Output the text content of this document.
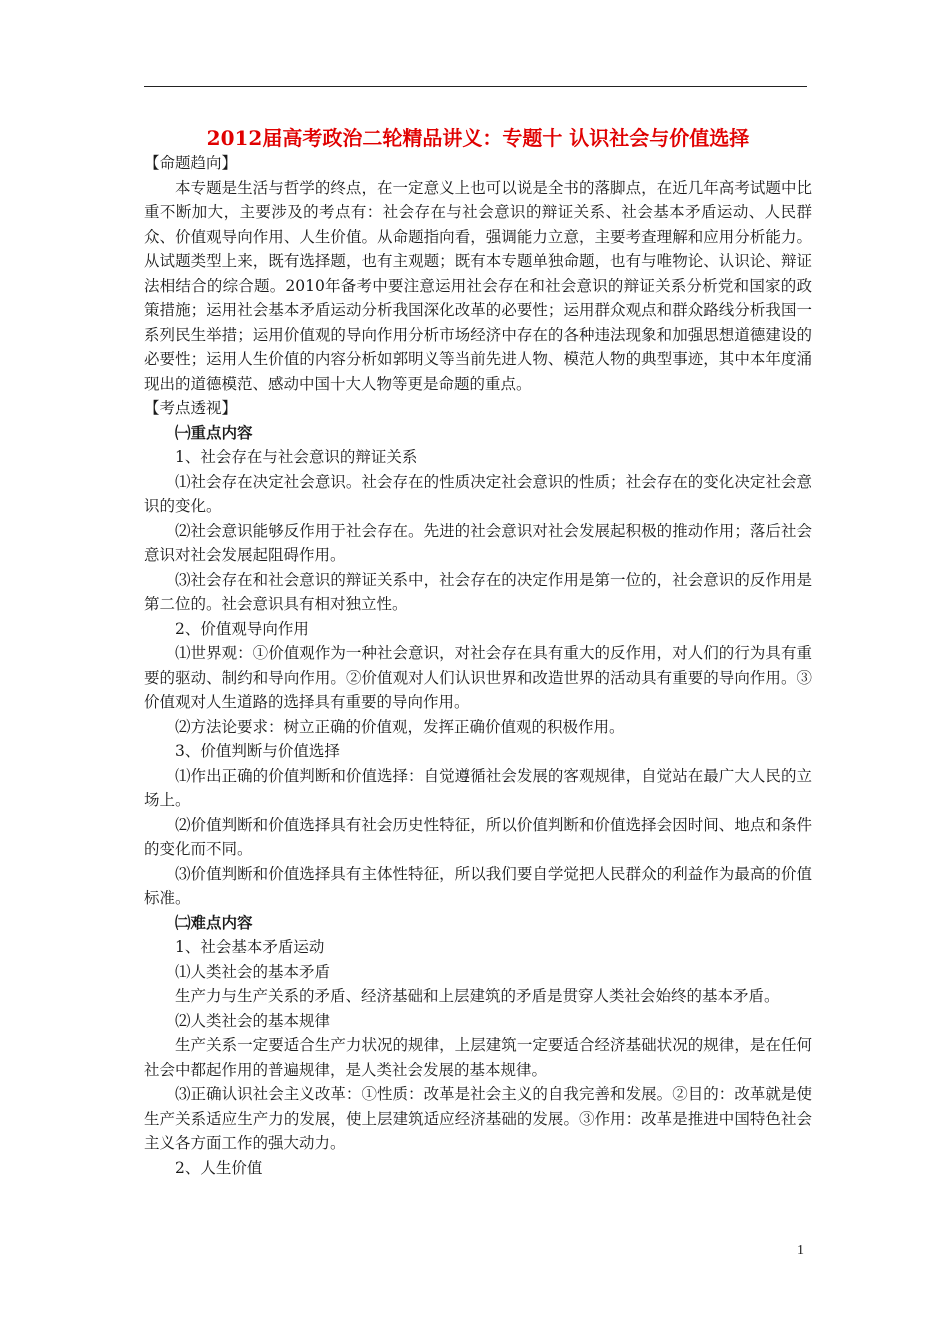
2012届高考政治二轮精品讲义：专题十 认识社会与价值选择
【命题趋向】

本专题是生活与哲学的终点，在一定意义上也可以说是全书的落脚点，在近几年高考试题中比重不断加大，主要涉及的考点有：社会存在与社会意识的辩证关系、社会基本矛盾运动、人民群众、价值观导向作用、人生价值。从命题指向看，强调能力立意，主要考查理解和应用分析能力。从试题类型上来，既有选择题，也有主观题；既有本专题单独命题，也有与唯物论、认识论、辩证法相结合的综合题。2010年备考中要注意运用社会存在和社会意识的辩证关系分析党和国家的政策措施；运用社会基本矛盾运动分析我国深化改革的必要性；运用群众观点和群众路线分析我国一系列民生举措；运用价值观的导向作用分析市场经济中存在的各种违法现象和加强思想道德建设的必要性；运用人生价值的内容分析如郭明义等当前先进人物、模范人物的典型事迹，其中本年度涌现出的道德模范、感动中国十大人物等更是命题的重点。

【考点透视】

㈠重点内容

1、社会存在与社会意识的辩证关系

⑴社会存在决定社会意识。社会存在的性质决定社会意识的性质；社会存在的变化决定社会意识的变化。

⑵社会意识能够反作用于社会存在。先进的社会意识对社会发展起积极的推动作用；落后社会意识对社会发展起阻碍作用。

⑶社会存在和社会意识的辩证关系中，社会存在的决定作用是第一位的，社会意识的反作用是第二位的。社会意识具有相对独立性。

2、价值观导向作用

⑴世界观：①价值观作为一种社会意识，对社会存在具有重大的反作用，对人们的行为具有重要的驱动、制约和导向作用。②价值观对人们认识世界和改造世界的活动具有重要的导向作用。③价值观对人生道路的选择具有重要的导向作用。

⑵方法论要求：树立正确的价值观，发挥正确价值观的积极作用。

3、价值判断与价值选择

⑴作出正确的价值判断和价值选择：自觉遵循社会发展的客观规律，自觉站在最广大人民的立场上。

⑵价值判断和价值选择具有社会历史性特征，所以价值判断和价值选择会因时间、地点和条件的变化而不同。

⑶价值判断和价值选择具有主体性特征，所以我们要自学觉把人民群众的利益作为最高的价值标准。

㈡难点内容

1、社会基本矛盾运动

⑴人类社会的基本矛盾

生产力与生产关系的矛盾、经济基础和上层建筑的矛盾是贯穿人类社会始终的基本矛盾。

⑵人类社会的基本规律

生产关系一定要适合生产力状况的规律，上层建筑一定要适合经济基础状况的规律，是在任何社会中都起作用的普遍规律，是人类社会发展的基本规律。

⑶正确认识社会主义改革：①性质：改革是社会主义的自我完善和发展。②目的：改革就是使生产关系适应生产力的发展，使上层建筑适应经济基础的发展。③作用：改革是推进中国特色社会主义各方面工作的强大动力。

2、人生价值

1
